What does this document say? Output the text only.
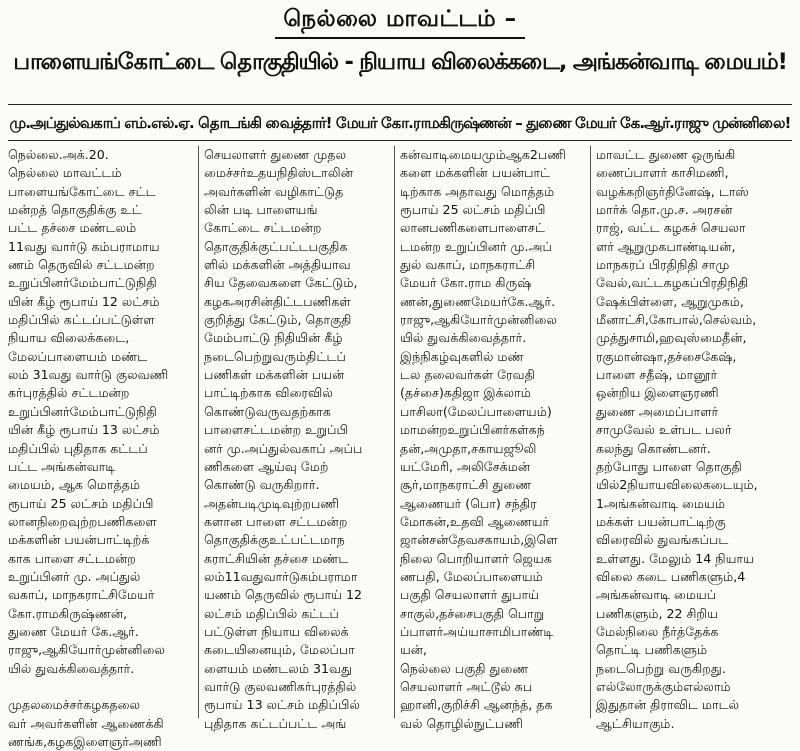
நெல்லை மாவட்டம் –
பாளையங்கோட்டை தொகுதியில் - நியாய விலைக்கடை, அங்கன்வாடி மையம்!
மு.அப்துல்வகாப் எம்.எல்.ஏ. தொடங்கி வைத்தார்! மேயர் கோ.ராமகிருஷ்ணன் – துணை மேயர் கே.ஆர்.ராஜு முன்னிலை!

நெல்லை.அக்.20.

நெல்லை மாவட்டம்

பாளையங்கோட்டை சட்ட

மன்றத் தொகுதிக்கு உட்

பட்ட தச்சை மண்டலம்

11வது வார்டு கம்பராமாய

ணம் தெருவில் சட்டமன்ற

உறுப்பினர்மேம்பாட்டுநிதி

யின் கீழ் ரூபாய் 12 லட்சம்

மதிப்பில் கட்டப்பட்டுள்ள

நியாய விலைக்கடை,

மேலப்பாளையம் மண்ட

லம் 31வது வார்டு குலவணி

கர்புரத்தில் சட்டமன்ற

உறுப்பினர்மேம்பாட்டுநிதி

யின் கீழ் ரூபாய் 13 லட்சம்

மதிப்பில் புதிதாக கட்டப்

பட்ட அங்கன்வாடி

மையம், ஆக மொத்தம்

ரூபாய் 25 லட்சம் மதிப்பி

லானநிறைவுற்றபணிகளை

மக்களின் பயன்பாட்டிற்க்

காக பாளை சட்டமன்ற

உறுப்பினர் மு. அப்துல்

வகாப், மாநகராட்சிமேயர்

கோ.ராமகிருஷ்ணன்,

துணை மேயர் கே.ஆர்.

ராஜு,ஆகியோர்முன்னிலை

யில் துவக்கிவைத்தார்.

முதலமைச்சர்கழகதலை

வர் அவர்களின் ஆணைக்கி

ணங்க,கழகஇளைஞர்அணி

செயலாளர் துணை முதல

மைச்சர்உதயநிதிஸ்டாலின்

அவர்களின் வழிகாட்டுத

லின் படி பாளையங்

கோட்டை சட்டமன்ற

தொகுதிக்குட்பட்டபகுதிக

ளில் மக்களின் அத்தியாவ

சிய தேவைகளை கேட்டும்,

கழகஅரசின்திட்டபணிகள்

குறித்து கேட்டும், தொகுதி

மேம்பாட்டு நிதியின் கீழ்

நடைபெற்றுவரும்திட்டப்

பணிகள் மக்களின் பயன்

பாட்டிற்காக விரைவில்

கொண்டுவருவதற்காக

பாளைசட்டமன்ற உறுப்பி

னர் மு.அப்துல்வகாப் அப்ப

ணிகளை ஆய்வு மேற்

கொண்டு வருகிறார்.

அதன்படிமுடிவுற்றபணி

களான பாளை சட்டமன்ற

தொகுதிக்குஉட்பட்டமாந

கராட்சியின் தச்சை மண்ட

லம்11வதுவார்டுகம்பராமா

யணம் தெருவில் ரூபாய் 12

லட்சம் மதிப்பில் கட்டப்

பட்டுள்ள நியாய விலைக்

கடையினையும், மேலப்பா

ளையம் மண்டலம் 31வது

வார்டு குலவணிகர்புரத்தில்

ரூபாய் 13 லட்சம் மதிப்பில்

புதிதாக கட்டப்பட்ட அங்

கன்வாடிமையமும்ஆக2பணி

களை மக்களின் பயன்பாட்

டிற்காக அதாவது மொத்தம்

ரூபாய் 25 லட்சம் மதிப்பி

லானபணிகளைபாளைசட்

டமன்ற உறுப்பினர் மு.அப்

துல் வகாப், மாநகராட்சி

மேயர் கோ.ராம கிருஷ்

ணன்,துணைமேயர்கே.ஆர்.

ராஜு,ஆகியோர்முன்னிலை

யில் துவக்கிவைத்தார்.

இந்நிகழ்வுகளில் மண்

டல தலைவர்கள் ரேவதி

(தச்சை)கதிஜா இக்லாம்

பாசிலா(மேலப்பாளையம்)

மாமன்றஉறுப்பினர்கள்கந்

தன்,அமுதா,சகாயஜூலி

யட்மேரி, அலிசேக்மன்

சூர்,மாநகராட்சி துணை

ஆணையர் (பொ) சந்திர

மோகன்,உதவி ஆணையர்

ஜான்சன்தேவசகாயம்,இளெ

நிலை பொறியாளர் ஜெயக

ணபதி, மேலப்பாளையம்

பகுதி செயலாளர் துபாய்

சாகுல்,தச்சைபகுதி பொறு

ப்பாளர்அய்யாசாமிபாண்டி

யன்,

நெல்லை பகுதி துணை

செயலாளர் அட்டூல் சுப

ஹானி,குறிச்சி ஆனந்த், தக

வல் தொழில்நுட்பணி

மாவட்ட துணை ஒருங்கி

ணைப்பாளர் காசிமணி,

வழக்கறிஞர்தினேஷ், டாஸ்

மார்க் தொ.மு.ச. அரசன்

ராஜ், வட்ட கழகச் செயலா

ளர் ஆறுமுகபாண்டியன்,

மாநகரப் பிரதிநிதி சாமு

வேல்,வட்டகழகப்பிரதிநிதி

ஷேக்பிள்ளை, ஆறுமுகம்,

மீனாட்சி,கோபால்,செல்வம்,

முத்துசாமி,ஹவுஸ்மைதீன்,

ரகுமான்ஷா,தச்சைகேஷ்,

பாளை சதீஷ், மானூர்

ஒன்றிய இளைஞரணி

துணை அமைப்பாளர்

சாமுவேல் உள்பட பலர்

கலந்து கொண்டனர்.

தற்போது பாளை தொகுதி

யில்2நியாயவிலைகடையும்,

1அங்கன்வாடி மையம்

மக்கள் பயன்பாட்டிற்கு

விரைவில் துவங்கப்பட

உள்ளது. மேலும் 14 நியாய

விலை கடை பணிகளும்,4

அங்கன்வாடி மையப்

பணிகளும், 22 சிறிய

மேல்நிலை நீர்த்தேக்க

தொட்டி பணிகளும்

நடைபெற்று வருகிறது.

எல்லோருக்கும்எல்லாம்

இதுதான் திராவிட மாடல்

ஆட்சியாகும்.
